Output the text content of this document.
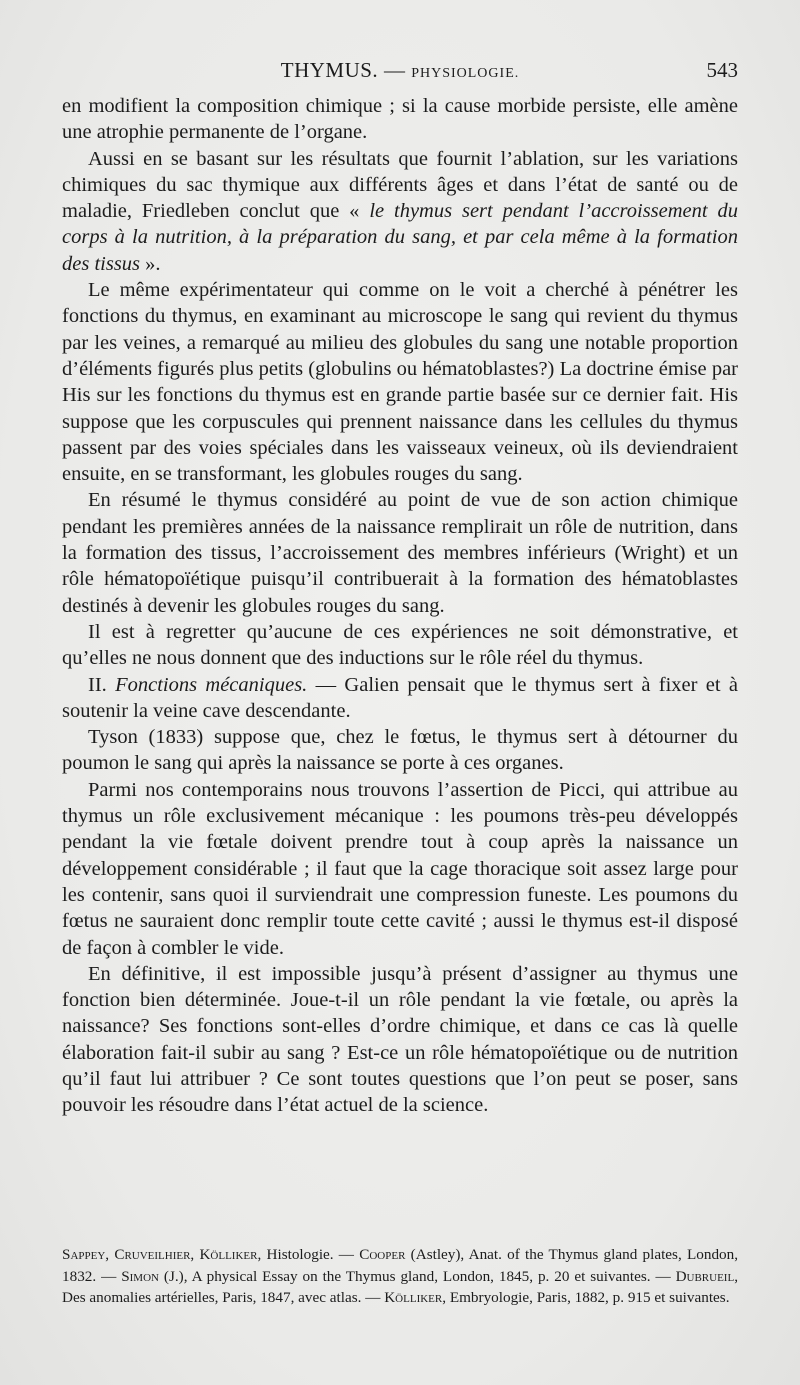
THYMUS. — PHYSIOLOGIE.	543

en modifient la composition chimique ; si la cause morbide persiste, elle amène une atrophie permanente de l’organe.

Aussi en se basant sur les résultats que fournit l’ablation, sur les variations chimiques du sac thymique aux différents âges et dans l’état de santé ou de maladie, Friedleben conclut que « le thymus sert pendant l’accroissement du corps à la nutrition, à la préparation du sang, et par cela même à la formation des tissus ».

Le même expérimentateur qui comme on le voit a cherché à pénétrer les fonctions du thymus, en examinant au microscope le sang qui revient du thymus par les veines, a remarqué au milieu des globules du sang une notable proportion d’éléments figurés plus petits (globulins ou hématoblastes?) La doctrine émise par His sur les fonctions du thymus est en grande partie basée sur ce dernier fait. His suppose que les corpuscules qui prennent naissance dans les cellules du thymus passent par des voies spéciales dans les vaisseaux veineux, où ils deviendraient ensuite, en se transformant, les globules rouges du sang.

En résumé le thymus considéré au point de vue de son action chimique pendant les premières années de la naissance remplirait un rôle de nutrition, dans la formation des tissus, l’accroissement des membres inférieurs (Wright) et un rôle hématopoïétique puisqu’il contribuerait à la formation des hématoblastes destinés à devenir les globules rouges du sang.

Il est à regretter qu’aucune de ces expériences ne soit démonstrative, et qu’elles ne nous donnent que des inductions sur le rôle réel du thymus.

II. Fonctions mécaniques. — Galien pensait que le thymus sert à fixer et à soutenir la veine cave descendante.

Tyson (1833) suppose que, chez le fœtus, le thymus sert à détourner du poumon le sang qui après la naissance se porte à ces organes.

Parmi nos contemporains nous trouvons l’assertion de Picci, qui attribue au thymus un rôle exclusivement mécanique : les poumons très-peu développés pendant la vie fœtale doivent prendre tout à coup après la naissance un développement considérable ; il faut que la cage thoracique soit assez large pour les contenir, sans quoi il surviendrait une compression funeste. Les poumons du fœtus ne sauraient donc remplir toute cette cavité ; aussi le thymus est-il disposé de façon à combler le vide.

En définitive, il est impossible jusqu’à présent d’assigner au thymus une fonction bien déterminée. Joue-t-il un rôle pendant la vie fœtale, ou après la naissance? Ses fonctions sont-elles d’ordre chimique, et dans ce cas là quelle élaboration fait-il subir au sang ? Est-ce un rôle hématopoïétique ou de nutrition qu’il faut lui attribuer ? Ce sont toutes questions que l’on peut se poser, sans pouvoir les résoudre dans l’état actuel de la science.

Sappey, Cruveilhier, Kölliker, Histologie. — Cooper (Astley), Anat. of the Thymus gland plates, London, 1832. — Simon (J.), A physical Essay on the Thymus gland, London, 1845, p. 20 et suivantes. — Dubrueil, Des anomalies artérielles, Paris, 1847, avec atlas. — Kölliker, Embryologie, Paris, 1882, p. 915 et suivantes.
